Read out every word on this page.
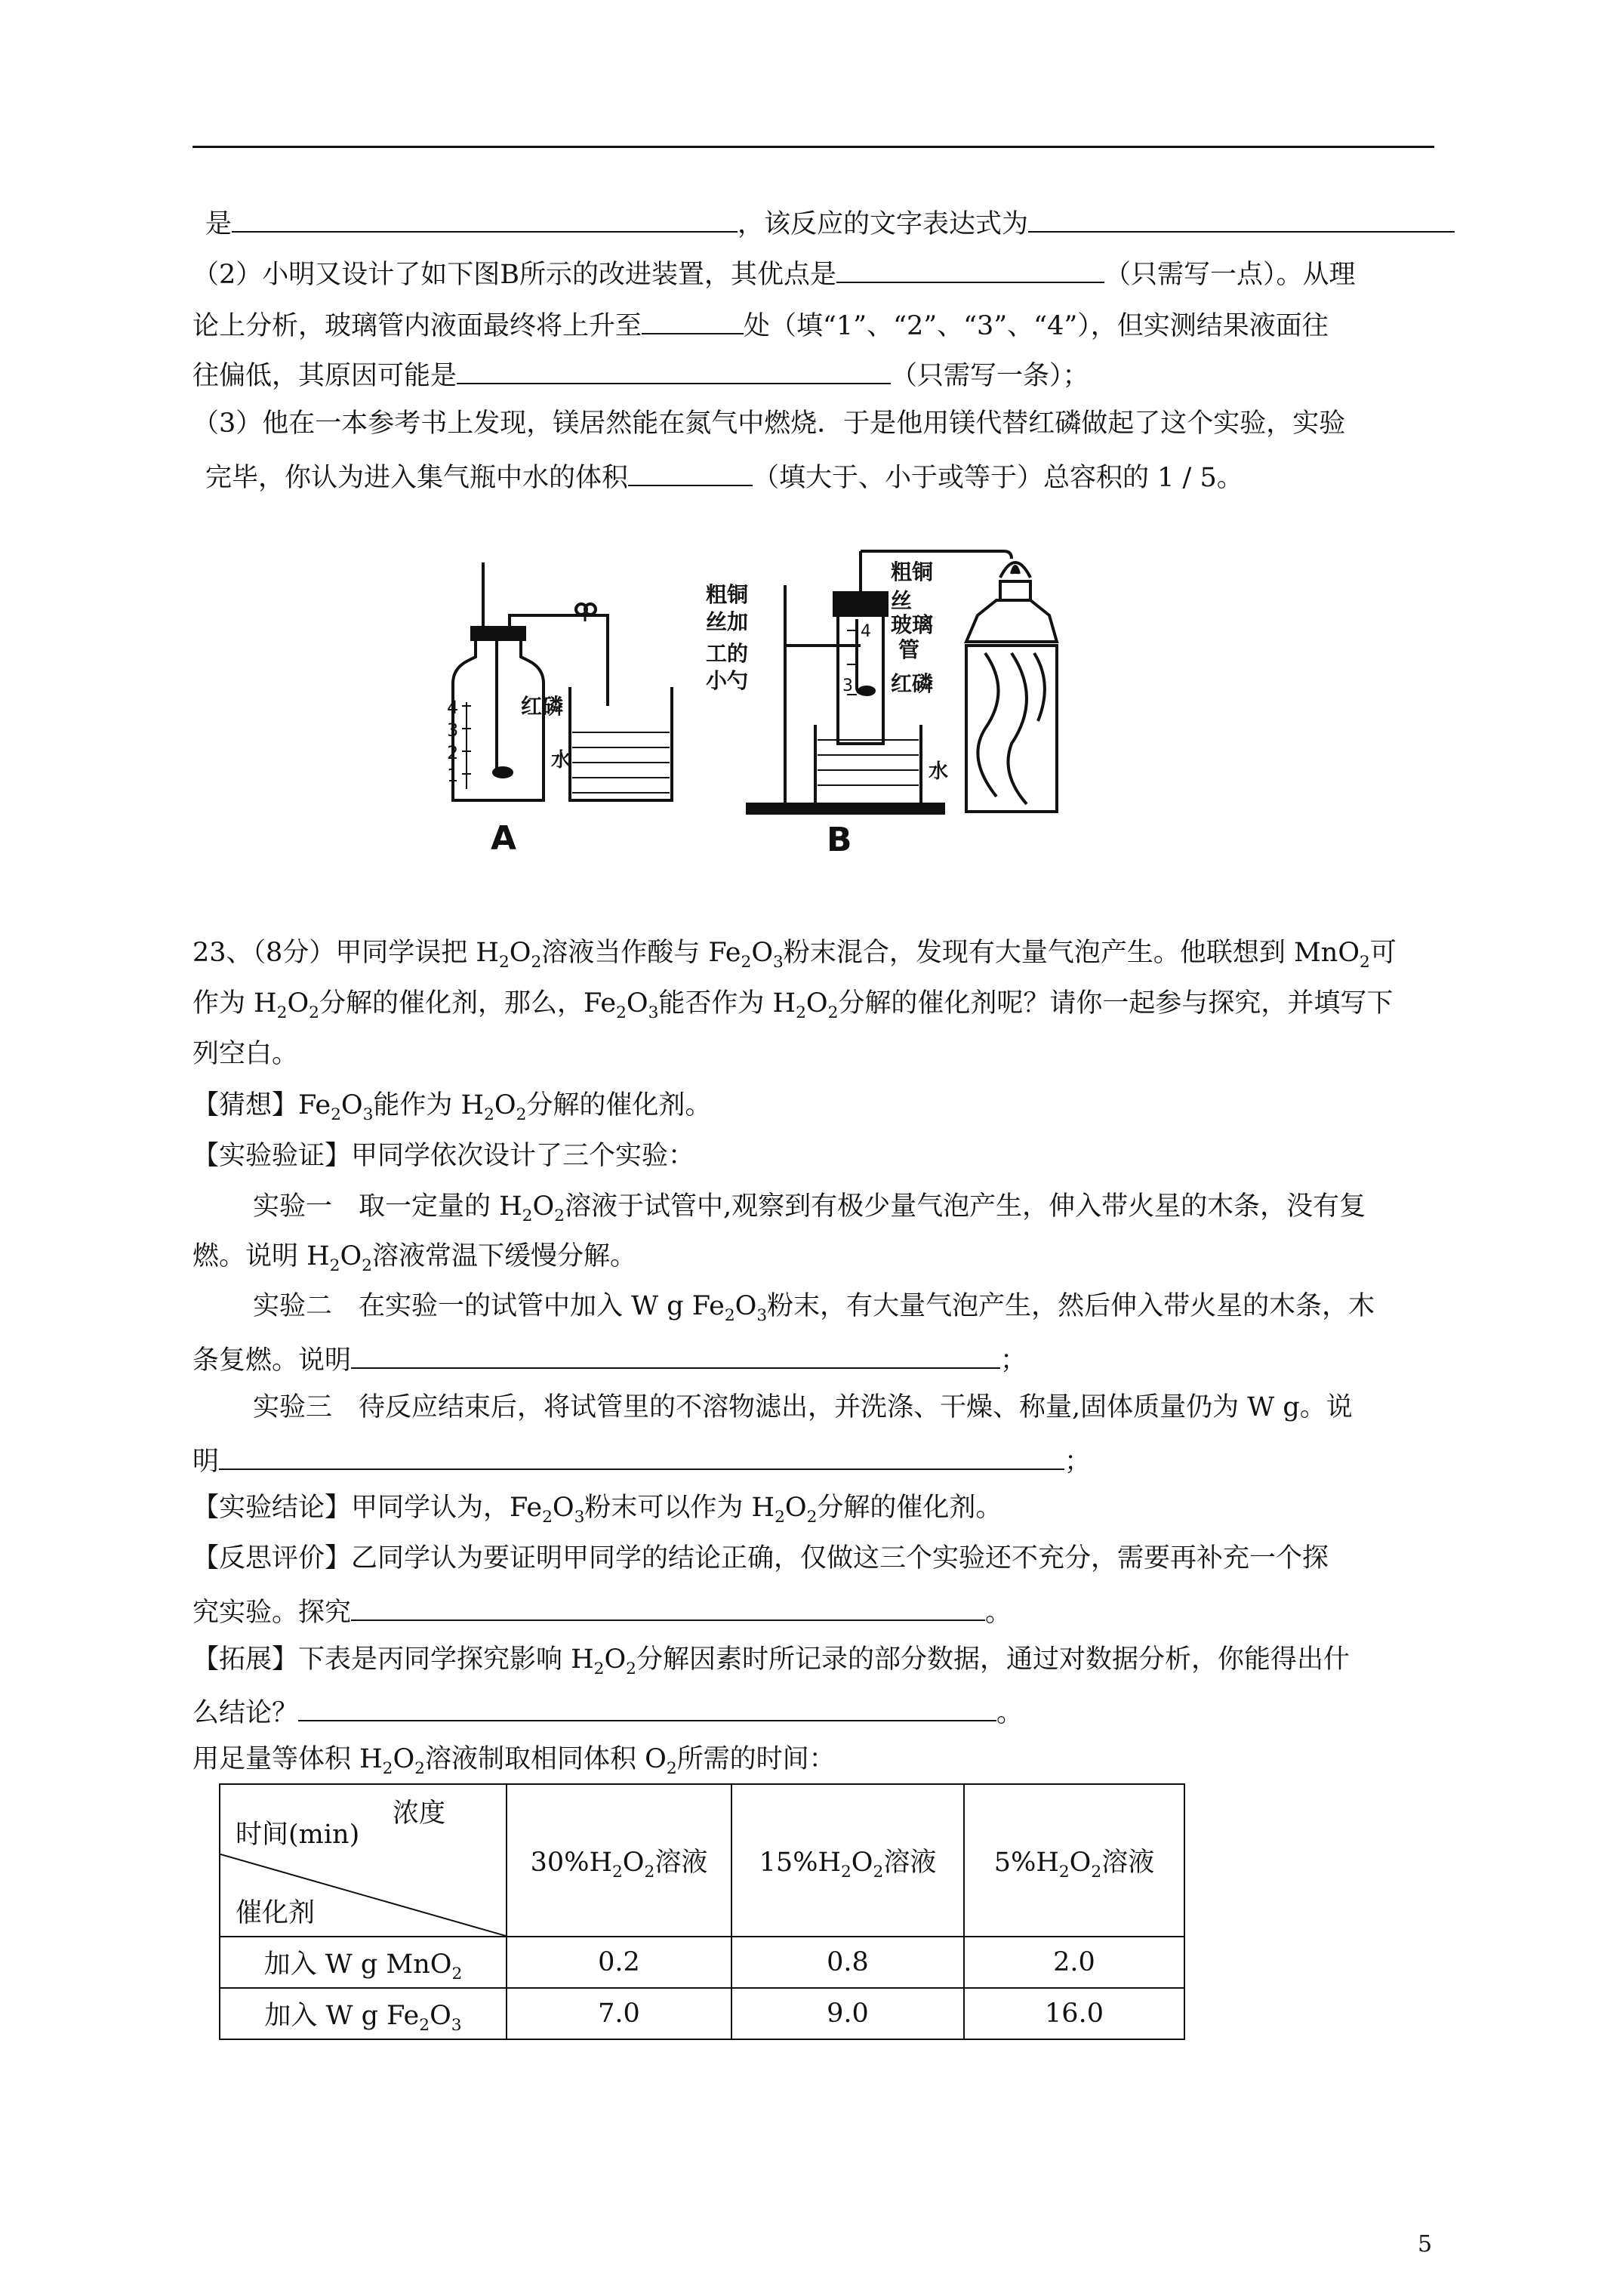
是	，该反应的文字表达式为
（2）小明又设计了如下图B所示的改进装置，其优点是	（只需写一点）。从理
论上分析，玻璃管内液面最终将上升至	处（填“1”、“2”、“3”、“4”），但实测结果液面往
往偏低，其原因可能是	（只需写一条）；
（3）他在一本参考书上发现，镁居然能在氮气中燃烧．于是他用镁代替红磷做起了这个实验，实验
完毕，你认为进入集气瓶中水的体积	（填大于、小于或等于）总容积的 1 / 5。
4
3
2
1
红磷
水
A
4
3
水
粗铜 丝加 工的 小勺
粗铜 丝
玻璃 管
红磷
B
23、（8分）甲同学误把 $H_2O_2$溶液当作酸与 $Fe_2O_3$粉末混合，发现有大量气泡产生。他联想到 MnO$_2$可
作为 $H_2O_2$分解的催化剂，那么，$Fe_2O_3$能否作为 $H_2O_2$分解的催化剂呢？请你一起参与探究，并填写下
列空白。
【猜想】$Fe_2O_3$能作为 $H_2O_2$分解的催化剂。
【实验验证】甲同学依次设计了三个实验：
实验一　取一定量的 $H_2O_2$溶液于试管中,观察到有极少量气泡产生，伸入带火星的木条，没有复
燃。说明 $H_2O_2$溶液常温下缓慢分解。
实验二　在实验一的试管中加入 W g $Fe_2O_3$粉末，有大量气泡产生，然后伸入带火星的木条，木
条复燃。说明	；
实验三　待反应结束后，将试管里的不溶物滤出，并洗涤、干燥、称量,固体质量仍为 W g。说
明	；
【实验结论】甲同学认为，$Fe_2O_3$粉末可以作为 $H_2O_2$分解的催化剂。
【反思评价】乙同学认为要证明甲同学的结论正确，仅做这三个实验还不充分，需要再补充一个探
究实验。探究	。
【拓展】下表是丙同学探究影响 $H_2O_2$分解因素时所记录的部分数据，通过对数据分析，你能得出什
么结论？	。
用足量等体积 $H_2O_2$溶液制取相同体积 $O_2$所需的时间：
时间(min)
浓度
催化剂	$30\%H_2O_2$溶液	$15\%H_2O_2$溶液	$5\%H_2O_2$溶液
加入 W g MnO$_2$	0.2	0.8	2.0
加入 W g $Fe_2O_3$	7.0	9.0	16.0
5
